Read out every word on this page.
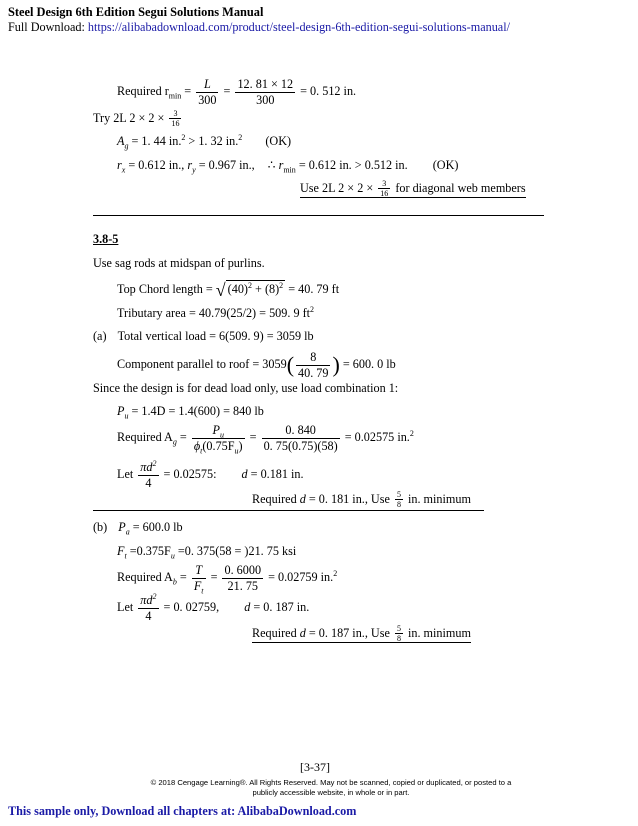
Steel Design 6th Edition Segui Solutions Manual
Full Download: https://alibabadownload.com/product/steel-design-6th-edition-segui-solutions-manual/
Required $r_{min} = \frac{L}{300} = \frac{12. 81 \times 12}{300} = 0$. 512 in.
Try 2L $2 \times 2 \times \frac{3}{16}$
$A_g = 1$. 44 in.$^2$ > 1. 32 in.$^2$ (OK)
$r_x = 0.612$ in., $r_y = 0.967$ in., ∴ $r_{min} = 0.612$ in. > 0.512 in. (OK)
Use 2L $2 \times 2 \times \frac{3}{16}$ for diagonal web members
3.8-5
Use sag rods at midspan of purlins.
Top Chord length = √ $(40)^2 + (8)^2 = 40$. 79 ft
Tributary area = 40.79(25/2) = 509. 9 $ft^2$
(a) Total vertical load = 6(509. 9) = 3059 lb
Component parallel to roof = $3059( \frac{8}{40. 79}$ ) = 600. 0 lb
Since the design is for dead load only, use load combination 1:
$P_u = 1.4D = 1.4(600) = 840$ lb
Required $A_g = \frac{P_u}{\phi_t(0.75F_u)} = \frac{0. 840}{0. 75(0.75)(58)} = 0.02575$ in.$^2$
Let $\frac{\pi d^2}{4} = 0.02575$: d = 0.181 in.
Required d = 0. 181 in., Use $\frac{5}{8}$ in. minimum
(b) $P_a = 600.0$ lb
$F_t =0.375F_u =0$. 375(58 = )21. 75 ksi
Required $A_b = \frac{T}{F_t} = \frac{0. 6000}{21. 75} = 0.02759$ in.$^2$
Let $\frac{\pi d^2}{4} = 0$. 02759, d = 0. 187 in.
Required d = 0. 187 in., Use $\frac{5}{8}$ in. minimum
[3-37]
© 2018 Cengage Learning®. All Rights Reserved. May not be scanned, copied or duplicated, or posted to a publicly accessible website, in whole or in part.
This sample only, Download all chapters at: AlibabaDownload.com
